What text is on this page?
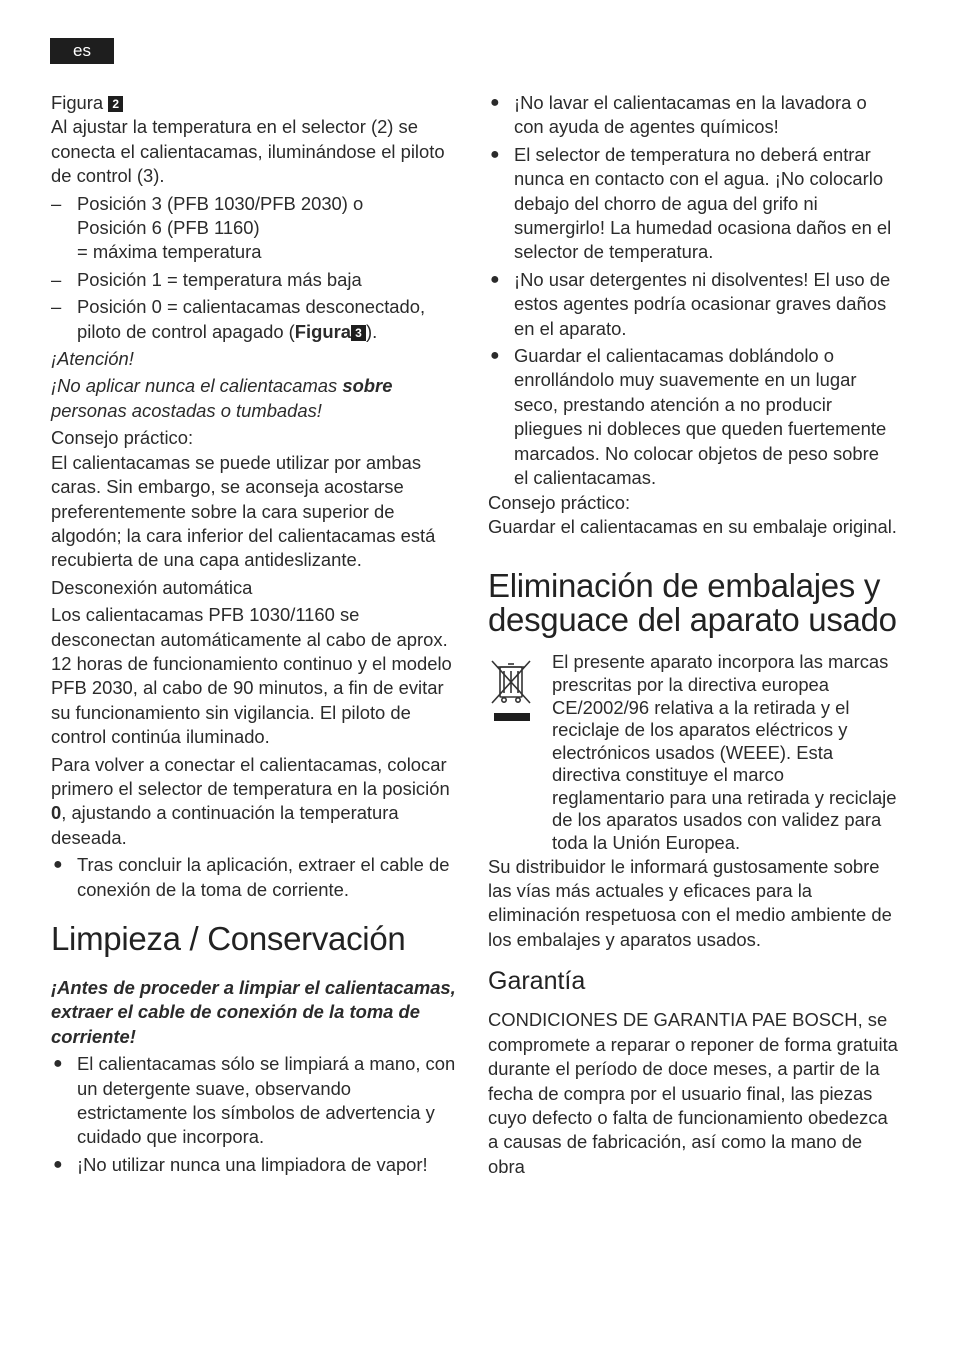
es

Figura 2

Al ajustar la temperatura en el selector (2) se conecta el calientacamas, iluminándose el piloto de control (3).

– Posición 3 (PFB 1030/PFB 2030) o
Posición 6 (PFB 1160)
= máxima temperatura
– Posición 1 = temperatura más baja
– Posición 0 = calientacamas desconectado, piloto de control apagado (Figura 3 ).

¡Atención!

¡No aplicar nunca el calientacamas sobre personas acostadas o tumbadas!

Consejo práctico:

El calientacamas se puede utilizar por ambas caras. Sin embargo, se aconseja acostarse preferentemente sobre la cara superior de algodón; la cara inferior del calientacamas está recubierta de una capa antideslizante.

Desconexión automática

Los calientacamas PFB 1030/1160 se desconectan automáticamente al cabo de aprox. 12 horas de funcionamiento continuo y el modelo PFB 2030, al cabo de 90 minutos, a fin de evitar su funcionamiento sin vigilancia. El piloto de control continúa iluminado.

Para volver a conectar el calientacamas, colocar primero el selector de temperatura en la posición 0, ajustando a continuación la temperatura deseada.

● Tras concluir la aplicación, extraer el cable de conexión de la toma de corriente.
Limpieza / Conservación

¡Antes de proceder a limpiar el calientacamas, extraer el cable de conexión de la toma de corriente!

● El calientacamas sólo se limpiará a mano, con un detergente suave, observando estrictamente los símbolos de advertencia y cuidado que incorpora.
● ¡No utilizar nunca una limpiadora de vapor!
● ¡No lavar el calientacamas en la lavadora o con ayuda de agentes químicos!
● El selector de temperatura no deberá entrar nunca en contacto con el agua. ¡No colocarlo debajo del chorro de agua del grifo ni sumergirlo! La humedad ocasiona daños en el selector de temperatura.
● ¡No usar detergentes ni disolventes! El uso de estos agentes podría ocasionar graves daños en el aparato.
● Guardar el calientacamas doblándolo o enrollándolo muy suavemente en un lugar seco, prestando atención a no producir pliegues ni dobleces que queden fuertemente marcados. No colocar objetos de peso sobre el calientacamas.

Consejo práctico:

Guardar el calientacamas en su embalaje original.

Eliminación de embalajes y desguace del aparato usado

El presente aparato incorpora las marcas prescritas por la directiva europea CE/2002/96 relativa a la retirada y el reciclaje de los aparatos eléctricos y electrónicos usados (WEEE). Esta directiva constituye el marco reglamentario para una retirada y reciclaje de los aparatos usados con validez para toda la Unión Europea.

Su distribuidor le informará gustosamente sobre las vías más actuales y eficaces para la eliminación respetuosa con el medio ambiente de los embalajes y aparatos usados.

Garantía

CONDICIONES DE GARANTIA PAE BOSCH, se compromete a reparar o reponer de forma gratuita durante el período de doce meses, a partir de la fecha de compra por el usuario final, las piezas cuyo defecto o falta de funcionamiento obedezca a causas de fabricación, así como la mano de obra
